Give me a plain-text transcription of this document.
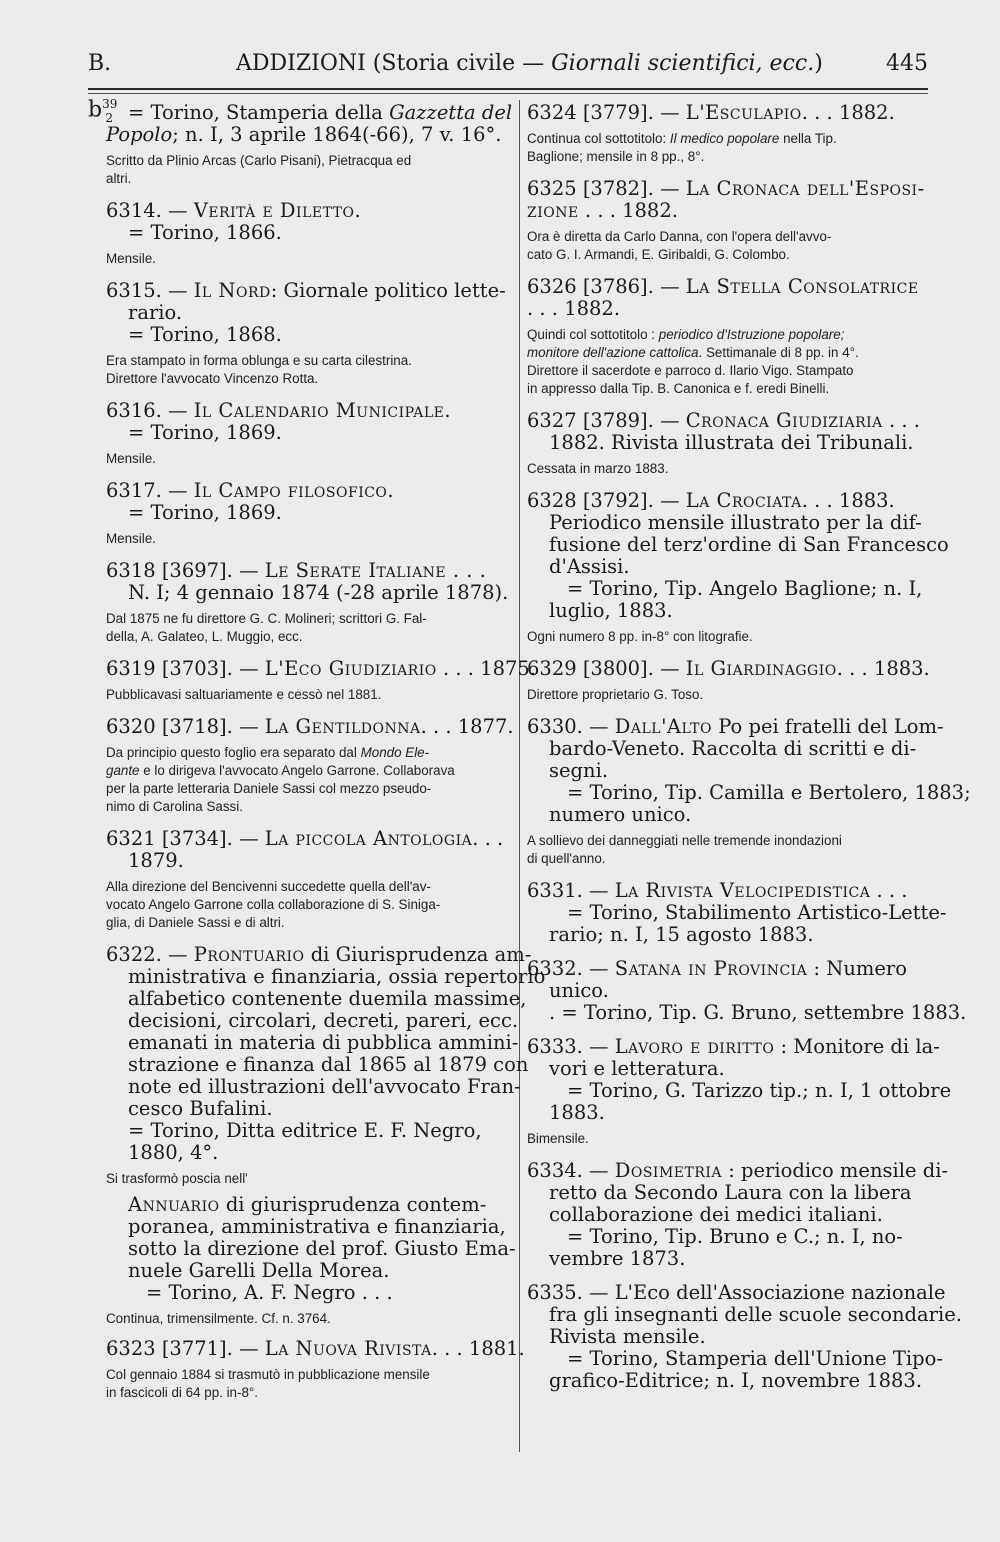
B. $b^{39}_2$
ADDIZIONI (Storia civile — Giornali scientifici, ecc.)	445
= Torino, Stamperia della Gazzetta del
Popolo; n. I, 3 aprile 1864(-66), 7 v. 16°.
Scritto da Plinio Arcas (Carlo Pisani), Pietracqua ed
altri.
6314. — Verità e Diletto.
= Torino, 1866.
Mensile.
6315. — Il Nord: Giornale politico lette-
rario.
= Torino, 1868.
Era stampato in forma oblunga e su carta cilestrina.
Direttore l'avvocato Vincenzo Rotta.
6316. — Il Calendario Municipale.
= Torino, 1869.
Mensile.
6317. — Il Campo filosofico.
= Torino, 1869.
Mensile.
6318 [3697]. — Le Serate Italiane . . .
N. I; 4 gennaio 1874 (-28 aprile 1878).
Dal 1875 ne fu direttore G. C. Molineri; scrittori G. Fal-
della, A. Galateo, L. Muggio, ecc.
6319 [3703]. — L'Eco Giudiziario . . . 1875.
Pubblicavasi saltuariamente e cessò nel 1881.
6320 [3718]. — La Gentildonna. . . 1877.
Da principio questo foglio era separato dal Mondo Ele-
gante e lo dirigeva l'avvocato Angelo Garrone. Collaborava
per la parte letteraria Daniele Sassi col mezzo pseudo-
nimo di Carolina Sassi.
6321 [3734]. — La piccola Antologia. . .
1879.
Alla direzione del Bencivenni succedette quella dell'av-
vocato Angelo Garrone colla collaborazione di S. Siniga-
glia, di Daniele Sassi e di altri.
6322. — Prontuario di Giurisprudenza am-
ministrativa e finanziaria, ossia repertorio
alfabetico contenente duemila massime,
decisioni, circolari, decreti, pareri, ecc.
emanati in materia di pubblica ammini-
strazione e finanza dal 1865 al 1879 con
note ed illustrazioni dell'avvocato Fran-
cesco Bufalini.
= Torino, Ditta editrice E. F. Negro,
1880, 4°.
Si trasformò poscia nell'
Annuario di giurisprudenza contem-
poranea, amministrativa e finanziaria,
sotto la direzione del prof. Giusto Ema-
nuele Garelli Della Morea.
= Torino, A. F. Negro . . .
Continua, trimensilmente. Cf. n. 3764.
6323 [3771]. — La Nuova Rivista. . . 1881.
Col gennaio 1884 si trasmutò in pubblicazione mensile
in fascicoli di 64 pp. in-8°.
6324 [3779]. — L'Esculapio. . . 1882.
Continua col sottotitolo: Il medico popolare nella Tip.
Baglione; mensile in 8 pp., 8°.
6325 [3782]. — La Cronaca dell'Esposi-
zione . . . 1882.
Ora è diretta da Carlo Danna, con l'opera dell'avvo-
cato G. I. Armandi, E. Giribaldi, G. Colombo.
6326 [3786]. — La Stella Consolatrice
. . . 1882.
Quindi col sottotitolo : periodico d'Istruzione popolare;
monitore dell'azione cattolica. Settimanale di 8 pp. in 4°.
Direttore il sacerdote e parroco d. Ilario Vigo. Stampato
in appresso dalla Tip. B. Canonica e f. eredi Binelli.
6327 [3789]. — Cronaca Giudiziaria . . .
1882. Rivista illustrata dei Tribunali.
Cessata in marzo 1883.
6328 [3792]. — La Crociata. . . 1883.
Periodico mensile illustrato per la dif-
fusione del terz'ordine di San Francesco
d'Assisi.
= Torino, Tip. Angelo Baglione; n. I,
luglio, 1883.
Ogni numero 8 pp. in-8° con litografie.
6329 [3800]. — Il Giardinaggio. . . 1883.
Direttore proprietario G. Toso.
6330. — Dall'Alto Po pei fratelli del Lom-
bardo-Veneto. Raccolta di scritti e di-
segni.
= Torino, Tip. Camilla e Bertolero, 1883;
numero unico.
A sollievo dei danneggiati nelle tremende inondazioni
di quell'anno.
6331. — La Rivista Velocipedistica . . .
= Torino, Stabilimento Artistico-Lette-
rario; n. I, 15 agosto 1883.
6332. — Satana in Provincia : Numero
unico.
. = Torino, Tip. G. Bruno, settembre 1883.
6333. — Lavoro e diritto : Monitore di la-
vori e letteratura.
= Torino, G. Tarizzo tip.; n. I, 1 ottobre
1883.
Bimensile.
6334. — Dosimetria : periodico mensile di-
retto da Secondo Laura con la libera
collaborazione dei medici italiani.
= Torino, Tip. Bruno e C.; n. I, no-
vembre 1873.
6335. — L'Eco dell'Associazione nazionale
fra gli insegnanti delle scuole secondarie.
Rivista mensile.
= Torino, Stamperia dell'Unione Tipo-
grafico-Editrice; n. I, novembre 1883.
